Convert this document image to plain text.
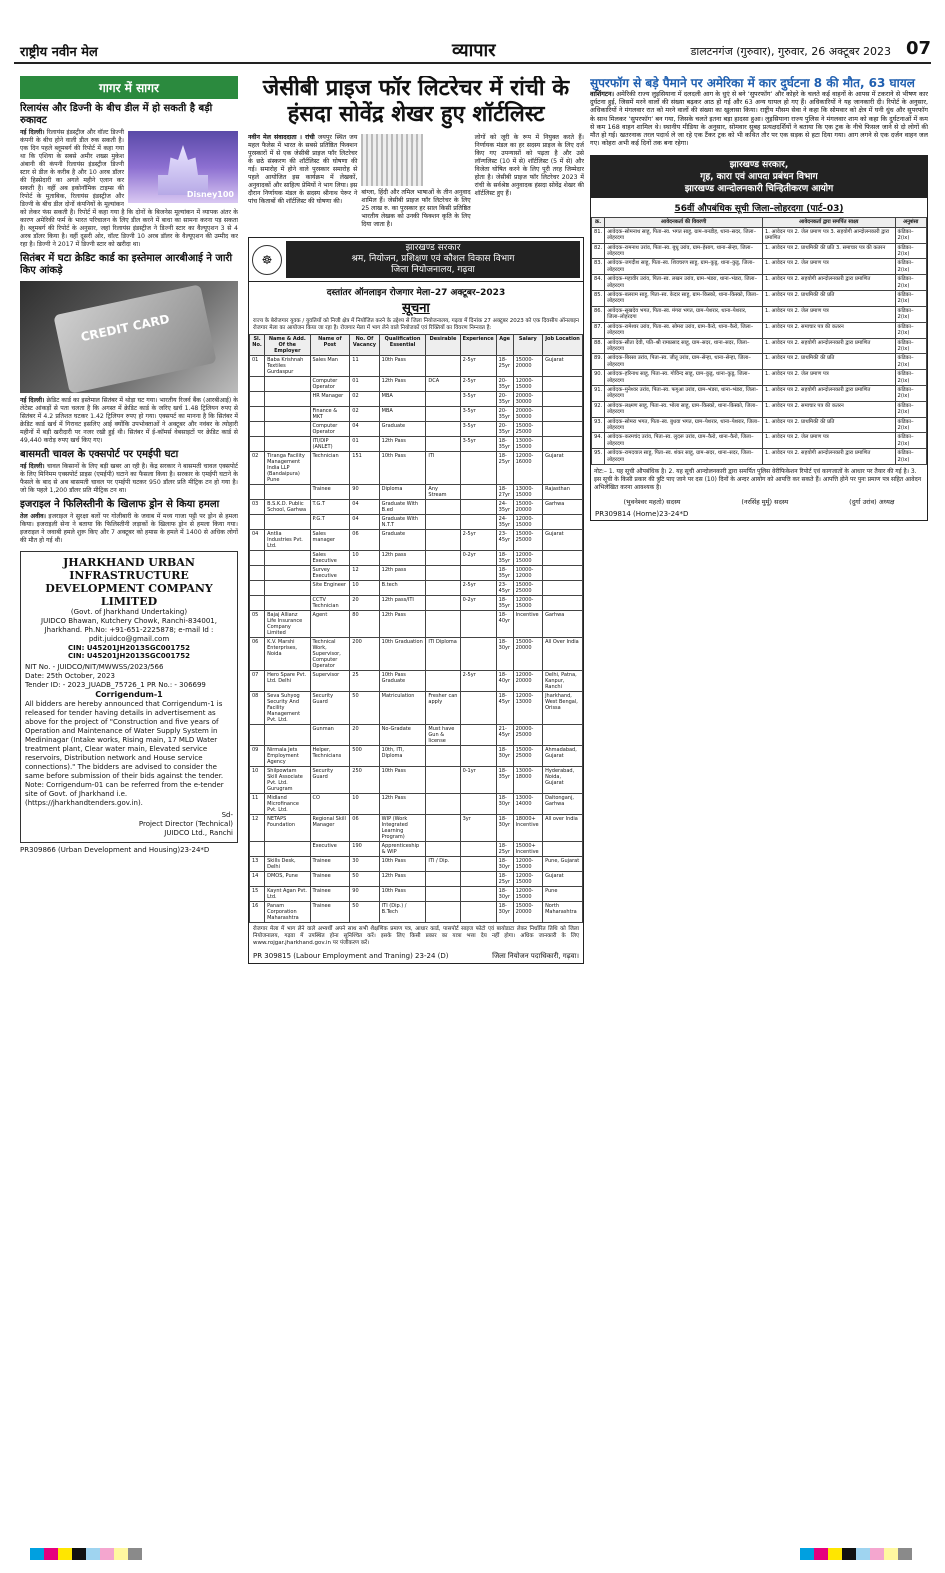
राष्ट्रीय नवीन मेल	व्यापार	डालटनगंज (गुरुवार), गुरुवार, 26 अक्टूबर 2023 07
गागर में सागर
रिलायंस और डिज्नी के बीच डील में हो सकती है बड़ी रुकावट
Disney100
नई दिल्ली। रिलायंस इंडस्ट्रीज और वॉल्ट डिज्नी कंपनी के बीच होने वाली डील रुक सकती है। एक दिन पहले ब्लूमबर्ग की रिपोर्ट में कहा गया था कि एशिया के सबसे अमीर शख्स मुकेश अंबानी की कंपनी रिलायंस इंडस्ट्रीज डिज्नी स्टार से डील के करीब है और 10 अरब डॉलर की हिस्सेदारी का अगले महीने एलान कर सकती है। वहीं अब इकोनॉमिक टाइम्स की रिपोर्ट के मुताबिक, रिलायंस इंडस्ट्रीज और डिज्नी के बीच डील दोनों कंपनियों के मूल्यांकन को लेकर फंस सकती है। रिपोर्ट में कहा गया है कि दोनों के बिजनेस मूल्यांकन में व्यापक अंतर के कारण अमेरिकी फर्म के भारत परिचालन के लिए डील करने में बाधा का सामना करना पड़ सकता है। ब्लूमबर्ग की रिपोर्ट के अनुसार, जहां रिलायंस इंडस्ट्रीज ने डिज्नी स्टार का वैल्यूएशन 3 से 4 अरब डॉलर किया है। वहीं दूसरी ओर, वॉल्ट डिज्नी 10 अरब डॉलर के वैल्यूएशन की उम्मीद कर रहा है। डिज्नी ने 2017 में डिज्नी स्टार को खरीदा था।
सितंबर में घटा क्रेडिट कार्ड का इस्तेमाल आरबीआई ने जारी किए आंकड़े
CREDIT CARD
नई दिल्ली। क्रेडिट कार्ड का इस्तेमाल सितंबर में थोड़ा घट गया। भारतीय रिजर्व बैंक (आरबीआई) के लेटेस्ट आंकड़ों से पता चलता है कि अगस्त में क्रेडिट कार्ड के जरिए खर्च 1.48 ट्रिलियन रुपए से सितंबर में 4.2 प्रतिशत घटकर 1.42 ट्रिलियन रुपए हो गया। एक्सपर्ट का मानना है कि सितंबर में क्रेडिट कार्ड खर्च में गिरावट इसलिए आई क्योंकि उपभोक्ताओं ने अक्टूबर और नवंबर के त्योहारी महीनों में बड़ी खरीदारी पर नजर रखी हुई थी। सितंबर में ई-कॉमर्स वेबसाइटों पर क्रेडिट कार्ड से 49,440 करोड़ रुपए खर्च किए गए।
बासमती चावल के एक्सपोर्ट पर एमईपी घटा
नई दिल्ली। चावल किसानों के लिए बड़ी खबर आ रही है। केंद्र सरकार ने बासमती चावल एक्सपोर्ट के लिए मिनिमम एक्सपोर्ट प्राइस (एमईपी) घटाने का फैसला किया है। सरकार के एमईपी घटाने के फैसले के बाद से अब बासमती चावल पर एमईपी घटकर 950 डॉलर प्रति मीट्रिक टन हो गया है। जो कि पहले 1,200 डॉलर प्रति मीट्रिक टन था।
इजराइल ने फिलिस्तीनी के खिलाफ ड्रोन से किया हमला
तेल अवीव। इजराइल ने सुरक्षा बलों पर गोलीबारी के जवाब में मध्य गाजा पट्टी पर ड्रोन से हमला किया। इजराइली सेना ने बताया कि फिलिस्तीनी लड़ाकों के खिलाफ ड्रोन से हमला किया गया। इजराइल ने जवाबी हमले शुरू किए और 7 अक्टूबर को हमास के हमले में 1400 से अधिक लोगों की मौत हो गई थी।
JHARKHAND URBAN INFRASTRUCTURE DEVELOPMENT COMPANY LIMITED
(Govt. of Jharkhand Undertaking)
JUIDCO Bhawan, Kutchery Chowk, Ranchi-834001, Jharkhand. Ph.No: +91-651-2225878; e-mail Id : pdit.juidco@gmail.com
CIN: U45201JH2013SGC001752
CIN: U45201JH2013SGC001752
NIT No. - JUIDCO/NIT/MWWSS/2023/566
Date: 25th October, 2023
Tender ID: - 2023_JUADB_75726_1 PR No.: - 306699
Corrigendum-1
All bidders are hereby announced that Corrigendum-1 is released for tender having details in advertisement as above for the project of "Construction and five years of Operation and Maintenance of Water Supply System in Medininagar (Intake works, Rising main, 17 MLD Water treatment plant, Clear water main, Elevated service reservoirs, Distribution network and House service connections)." The bidders are advised to consider the same before submission of their bids against the tender.
Note: Corrigendum-01 can be referred from the e-tender site of Govt. of Jharkhand i.e. (https://jharkhandtenders.gov.in).
Sd-
Project Director (Technical)
JUIDCO Ltd., Ranchi
PR309866 (Urban Development and Housing)23-24*D
जेसीबी प्राइज फॉर लिटरेचर में रांची के हंसदा सोवेंद्र शेखर हुए शॉर्टलिस्ट
नवीन मेल संवाददाता । रांची जयपुर स्थित जय महल फैलेस में भारत के सबसे प्रतिष्ठित फिक्शन पुरस्कारों में से एक जेसीबी प्राइज फॉर लिटरेचर के छठे संस्करण की शॉर्टलिस्ट की घोषणा की गई। समारोह में होने वाले पुरस्कार समारोह से पहले आयोजित इस कार्यक्रम में लेखकों, अनुवादकों और साहित्य प्रेमियों ने भाग लिया। इस दौरान निर्णायक मंडल के सदस्य श्रीनाथ पेरूर ने पांच किताबों की शॉर्टलिस्ट की घोषणा की।
बांग्ला, हिंदी और तमिल भाषाओं के तीन अनुवाद शामिल हैं। जेसीबी प्राइज फॉर लिटरेचर के लिए 25 लाख रु. का पुरस्कार हर साल किसी प्रतिष्ठित भारतीय लेखक को उनकी फिक्शन कृति के लिए दिया जाता है।
लोगों को जूरी के रूप में नियुक्त करते हैं। निर्णायक मंडल का हर सदस्य प्राइज के लिए दर्ज किए गए उपन्यासों को पढ़ता है और उसे लॉन्गलिस्ट (10 में से) शॉर्टलिस्ट (5 में से) और विजेता घोषित करने के लिए पूरी तरह जिम्मेदार होता है। जेसीबी प्राइज फॉर लिटरेचर 2023 में रांची के सर्वश्रेष्ठ अनुवादक हंसदा सोवेंद्र शेखर की शॉर्टलिस्ट हुए हैं।
☸
झारखण्ड सरकार
श्रम, नियोजन, प्रशिक्षण एवं कौशल विकास विभाग
जिला नियोजनालय, गढ़वा
दस्तांतर ऑनलाइन रोजगार मेला–27 अक्टूबर–2023
सूचना
राज्य के बेरोजगार युवक / युवतियों को निजी क्षेत्र में नियोजित करने के उद्देश्य से जिला नियोजनालय, गढ़वा में दिनांक 27 अक्टूबर 2023 को एक दिवसीय ऑनलाइन रोजगार मेला का आयोजन किया जा रहा है। रोजगार मेला में भाग लेने वाले नियोजकों एवं रिक्तियों का विवरण निम्नवत है:
Sl. No.	Name & Add. Of the Employer	Name of Post	No. Of Vacancy	Qualification Essential	Desirable	Experience	Age	Salary	Job Location
01	Baba Krishnah Textiles Gurdaspur	Sales Man	11	10th Pass		2-5yr	18-25yr	15000-20000	Gujarat
		Computer Operator	01	12th Pass	DCA	2-5yr	20-35yr	12000-15000	
		HR Manager	02	MBA		3-5yr	20-35yr	20000-30000	
		Finance & MKT	02	MBA		3-5yr	20-35yr	20000-30000	
		Computer Operator	04	Graduate		3-5yr	20-35yr	15000-25000	
		ITI/DIP (ANLET)	01	12th Pass		3-5yr	18-35yr	13000-15000	
02	Tiranga Facility Management India LLP (Bandaipura) Pune	Technician	151	10th Pass	ITI		18-25yr	12000-16000	Gujarat
		Trainee	90	Diploma	Any Stream		18-27yr	13000-15000	Rajasthan
03	B.S.K.D. Public School, Garhwa	T.G.T	04	Graduate With B.ed			24-35yr	15000-20000	Garhwa
		P.G.T	04	Graduate With N.T.T			24-35yr	12000-15000	
04	Antlia Industries Pvt. Ltd.	Sales manager	06	Graduate		2-5yr	23-45yr	15000-25000	Gujarat
		Sales Executive	10	12th pass		0-2yr	18-35yr	12000-15000	
		Survey Executive	12	12th pass			18-35yr	10000-12000	
		Site Engineer	10	B.tech		2-5yr	23-45yr	15000-25000	
		CCTV Technician	20	12th pass/ITI		0-2yr	18-35yr	12000-15000	
05	Bajaj Allianz Life Insurance Company Limited	Agent	80	12th Pass			18-40yr	Incentive	Garhwa
06	K.V. Marshi Enterprises, Noida	Technical Work, Supervisor, Computer Operator	200	10th Graduation	ITI Diploma		18-30yr	15000-20000	All Over India
07	Hero Spare Pvt. Ltd. Delhi	Supervisor	25	10th Pass Graduate		2-5yr	18-40yr	12000-20000	Delhi, Patna, Kanpur, Ranchi
08	Seva Suhyog Security And Facility Management Pvt. Ltd.	Security Guard	50	Matriculation	Fresher can apply		18-45yr	12000-13000	Jharkhand, West Bengal, Orissa
		Gunman	20	No-Gradate	Must have Gun & license		21-45yr	20000-25000	
09	Nirmala Jets Employment Agency	Helper, Technicians	500	10th, ITI, Diploma			18-30yr	15000-25000	Ahmadabad, Gujarat
10	Shilpowtam Skill Associate Pvt. Ltd. Gurugram	Security Guard	250	10th Pass		0-1yr	18-35yr	13000-18000	Hyderabad, Noida, Gujarat
11	Midland Microfinance Pvt. Ltd.	CO	10	12th Pass			18-30yr	13000-14000	Daltonganj, Garhwa
12	NETAPS Foundation	Regional Skill Manager	06	WIP (Work Integrated Learning Program)		3yr	18-30yr	18000+ Incentive	All over India
		Executive	190	Apprenticeship & WIP			18-25yr	15000+ Incentive	
13	Skills Desk, Delhi	Trainee	30	10th Pass	ITI / Dip.		18-30yr	12000-15000	Pune, Gujarat
14	DMOS, Pune	Trainee	50	12th Pass			18-25yr	12000-15000	Gujarat
15	Kaynt Agan Pvt. Ltd.	Trainee	90	10th Pass			18-30yr	12000-15000	Pune
16	Panam Corporation Maharashtra	Trainee	50	ITI (Dip.) / B.Tech			18-30yr	15000-20000	North Maharashtra
रोजगार मेला में भाग लेने वाले अभ्यर्थी अपने साथ सभी शैक्षणिक प्रमाण पत्र, आधार कार्ड, पासपोर्ट साइज फोटो एवं बायोडाटा लेकर निर्धारित तिथि को जिला नियोजनालय, गढ़वा में उपस्थित होना सुनिश्चित करें। इसके लिए किसी प्रकार का यात्रा भत्ता देय नहीं होगा। अधिक जानकारी के लिए www.rojgar.jharkhand.gov.in पर पंजीकरण करें।
PR 309815 (Labour Employment and Traning) 23-24 (D)	जिला नियोजन पदाधिकारी, गढ़वा।
सुपरफॉग से बड़े पैमाने पर अमेरिका में कार दुर्घटना 8 की मौत, 63 घायल
वाशिंगटन। अमेरिकी राज्य लुइसियाना में दलदली आग के धुएं से बने ‘सुपरफॉग’ और कोहरे के चलते कई वाहनों के आपस में टकराने से भीषण कार दुर्घटना हुई, जिसमें मरने वालों की संख्या बढ़कर आठ हो गई और 63 अन्य घायल हो गए हैं। अधिकारियों ने यह जानकारी दी। रिपोर्ट के अनुसार, अधिकारियों ने मंगलवार रात को मरने वालों की संख्या का खुलासा किया। राष्ट्रीय मौसम सेवा ने कहा कि सोमवार को क्षेत्र में घनी धुंध और सुपरफॉग के साथ मिलकर ‘सुपरफॉग’ बन गया, जिसके चलते इतना बड़ा हादसा हुआ। लुइसियाना राज्य पुलिस ने मंगलवार शाम को कहा कि दुर्घटनाओं में कम से कम 168 वाहन शामिल थे। स्थानीय मीडिया के अनुसार, सोमवार सुबह प्रत्यक्षदर्शियों ने बताया कि एक ट्रक के नीचे फिसल जाने से दो लोगों की मौत हो गई। खतरनाक तरल पदार्थ ले जा रहे एक टैंकर ट्रक को भी कथित तौर पर एक सड़क से हटा दिया गया। आग लगने से एक दर्जन वाहन जल गए। कोहरा अभी कई दिनों तक बना रहेगा।
झारखण्ड सरकार,
गृह, कारा एवं आपदा प्रबंधन विभाग
झारखण्ड आन्दोलनकारी चिन्हितीकरण आयोग
56वीं औपबंधिक सूची जिला–लोहरदगा (पार्ट–03)
क्र.	आवेदनकर्ता की विवरणी	आवेदनकर्ता द्वारा समर्पित साक्ष्य	अनुशंसा
81.	आवेदक–सोमनाथ साहू, पिता–स्व. भगत साहू, ग्राम–बनडीह, थाना–सदर, जिला–लोहरदगा	1. आवेदन पत्र 2. जेल प्रमाण पत्र 3. सहयोगी आन्दोलनकारी द्वारा प्रमाणित	कंडिका–2(ix)
82.	आवेदक–रामनाथ उरांव, पिता–स्व. बुधू उरांव, ग्राम–हेसाग, थाना–सेन्हा, जिला–लोहरदगा	1. आवेदन पत्र 2. प्राथमिकी की प्रति 3. समाचार पत्र की कतरन	कंडिका–2(ix)
83.	आवेदक–जगदीश साहू, पिता–स्व. शिवचरण साहू, ग्राम–कुडू, थाना–कुडू, जिला–लोहरदगा	1. आवेदन पत्र 2. जेल प्रमाण पत्र	कंडिका–2(ix)
84.	आवेदक–महावीर उरांव, पिता–स्व. लखन उरांव, ग्राम–भंडरा, थाना–भंडरा, जिला–लोहरदगा	1. आवेदन पत्र 2. सहयोगी आन्दोलनकारी द्वारा प्रमाणित	कंडिका–2(ix)
85.	आवेदक–बलराम साहू, पिता–स्व. केदार साहू, ग्राम–किस्को, थाना–किस्को, जिला–लोहरदगा	1. आवेदन पत्र 2. प्राथमिकी की प्रति	कंडिका–2(ix)
86.	आवेदक–सुखदेव भगत, पिता–स्व. मंगरा भगत, ग्राम–पेशरार, थाना–पेशरार, जिला–लोहरदगा	1. आवेदन पत्र 2. जेल प्रमाण पत्र	कंडिका–2(ix)
87.	आवेदक–रामेश्वर उरांव, पिता–स्व. सोमरा उरांव, ग्राम–कैरो, थाना–कैरो, जिला–लोहरदगा	1. आवेदन पत्र 2. समाचार पत्र की कतरन	कंडिका–2(ix)
88.	आवेदक–सीता देवी, पति–श्री रामप्रसाद साहू, ग्राम–सदर, थाना–सदर, जिला–लोहरदगा	1. आवेदन पत्र 2. सहयोगी आन्दोलनकारी द्वारा प्रमाणित	कंडिका–2(ix)
89.	आवेदक–बिरसा उरांव, पिता–स्व. जीतू उरांव, ग्राम–सेन्हा, थाना–सेन्हा, जिला–लोहरदगा	1. आवेदन पत्र 2. प्राथमिकी की प्रति	कंडिका–2(ix)
90.	आवेदक–हरिनाथ साहू, पिता–स्व. गोविन्द साहू, ग्राम–कुडू, थाना–कुडू, जिला–लोहरदगा	1. आवेदन पत्र 2. जेल प्रमाण पत्र	कंडिका–2(ix)
91.	आवेदक–मुनेश्वर उरांव, पिता–स्व. फगुआ उरांव, ग्राम–भंडरा, थाना–भंडरा, जिला–लोहरदगा	1. आवेदन पत्र 2. सहयोगी आन्दोलनकारी द्वारा प्रमाणित	कंडिका–2(ix)
92.	आवेदक–लक्ष्मण साहू, पिता–स्व. भोला साहू, ग्राम–किस्को, थाना–किस्को, जिला–लोहरदगा	1. आवेदन पत्र 2. समाचार पत्र की कतरन	कंडिका–2(ix)
93.	आवेदक–सोमरा भगत, पिता–स्व. बुधवा भगत, ग्राम–पेशरार, थाना–पेशरार, जिला–लोहरदगा	1. आवेदन पत्र 2. प्राथमिकी की प्रति	कंडिका–2(ix)
94.	आवेदक–करमचंद उरांव, पिता–स्व. लुदरू उरांव, ग्राम–कैरो, थाना–कैरो, जिला–लोहरदगा	1. आवेदन पत्र 2. जेल प्रमाण पत्र	कंडिका–2(ix)
95.	आवेदक–रामदयाल साहू, पिता–स्व. शंकर साहू, ग्राम–सदर, थाना–सदर, जिला–लोहरदगा	1. आवेदन पत्र 2. सहयोगी आन्दोलनकारी द्वारा प्रमाणित	कंडिका–2(ix)
नोट:– 1. यह सूची औपबंधिक है। 2. यह सूची आन्दोलनकारी द्वारा समर्पित पुलिस वेरीफिकेशन रिपोर्ट एवं कागजातों के आधार पर तैयार की गई है। 3. इस सूची के किसी प्रकार की त्रुटि पाए जाने पर दस (10) दिनों के अन्दर आयोग को आपत्ति कर सकते हैं। आपत्ति होने पर पुनः प्रमाण पत्र सहित आवेदन अभिलेखित करना आवश्यक है।
(भुवनेश्वर महतो) सदस्य	(नरसिंह मुर्मू) सदस्य	(दुर्गा उरांव) अध्यक्ष
PR309814 (Home)23-24*D
